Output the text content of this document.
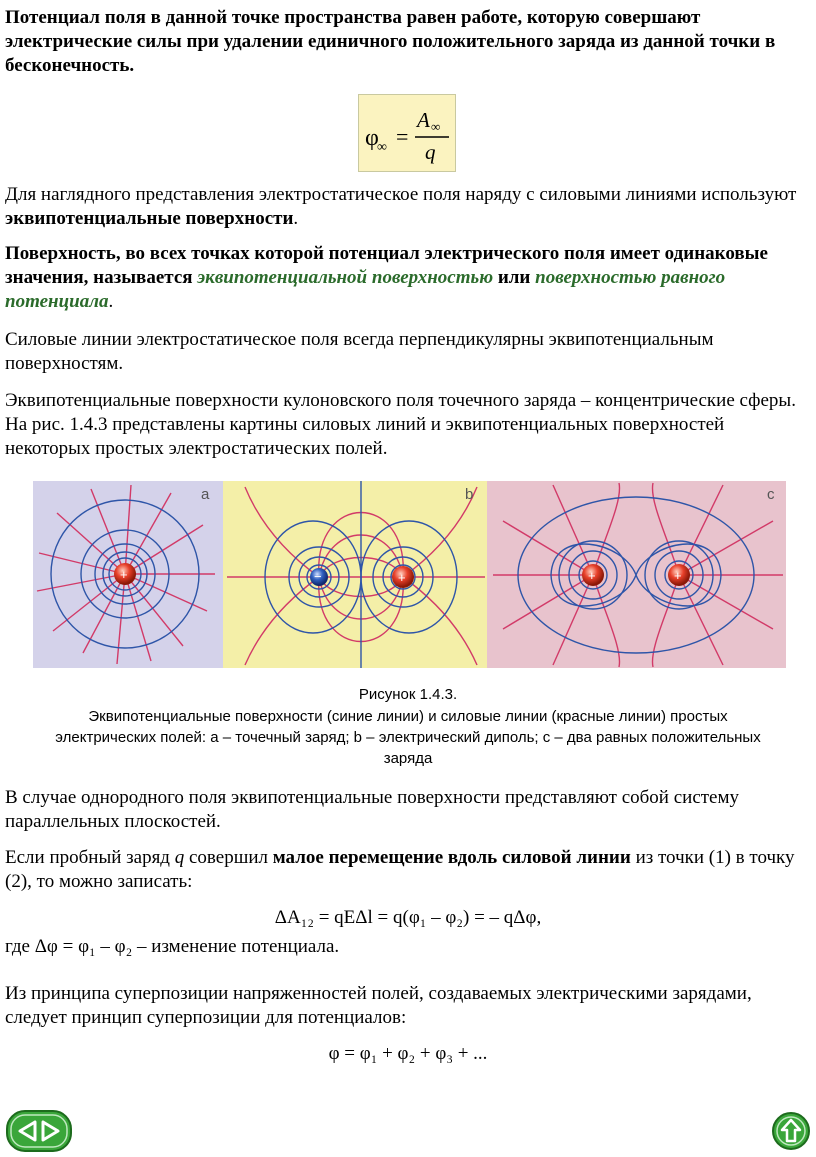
Потенциал поля в данной точке пространства равен работе, которую совершают электрические силы при удалении единичного положительного заряда из данной точки в бесконечность.
φ
∞ =
A ∞
q
Для наглядного представления электростатическое поля наряду с силовыми линиями используют эквипотенциальные поверхности.
Поверхность, во всех точках которой потенциал электрического поля имеет одинаковые значения, называется эквипотенциальной поверхностью или поверхностью равного потенциала.
Силовые линии электростатическое поля всегда перпендикулярны эквипотенциальным поверхностям.
Эквипотенциальные поверхности кулоновского поля точечного заряда – концентрические сферы. На рис. 1.4.3 представлены картины силовых линий и эквипотенциальных поверхностей некоторых простых электростатических полей.
+
a
−	+
b
+	+
c
Рисунок 1.4.3.
Эквипотенциальные поверхности (синие линии) и силовые линии (красные линии) простых электрических полей: a – точечный заряд; b – электрический диполь; c – два равных положительных заряда
В случае однородного поля эквипотенциальные поверхности представляют собой систему параллельных плоскостей.
Если пробный заряд q совершил малое перемещение вдоль силовой линии из точки (1) в точку (2), то можно записать:
ΔA₁₂ = qEΔl = q(φ₁ – φ₂) = – qΔφ,
где Δφ = φ₁ – φ₂ – изменение потенциала.
Из принципа суперпозиции напряженностей полей, создаваемых электрическими зарядами, следует принцип суперпозиции для потенциалов:
φ = φ₁ + φ₂ + φ₃ + ...
